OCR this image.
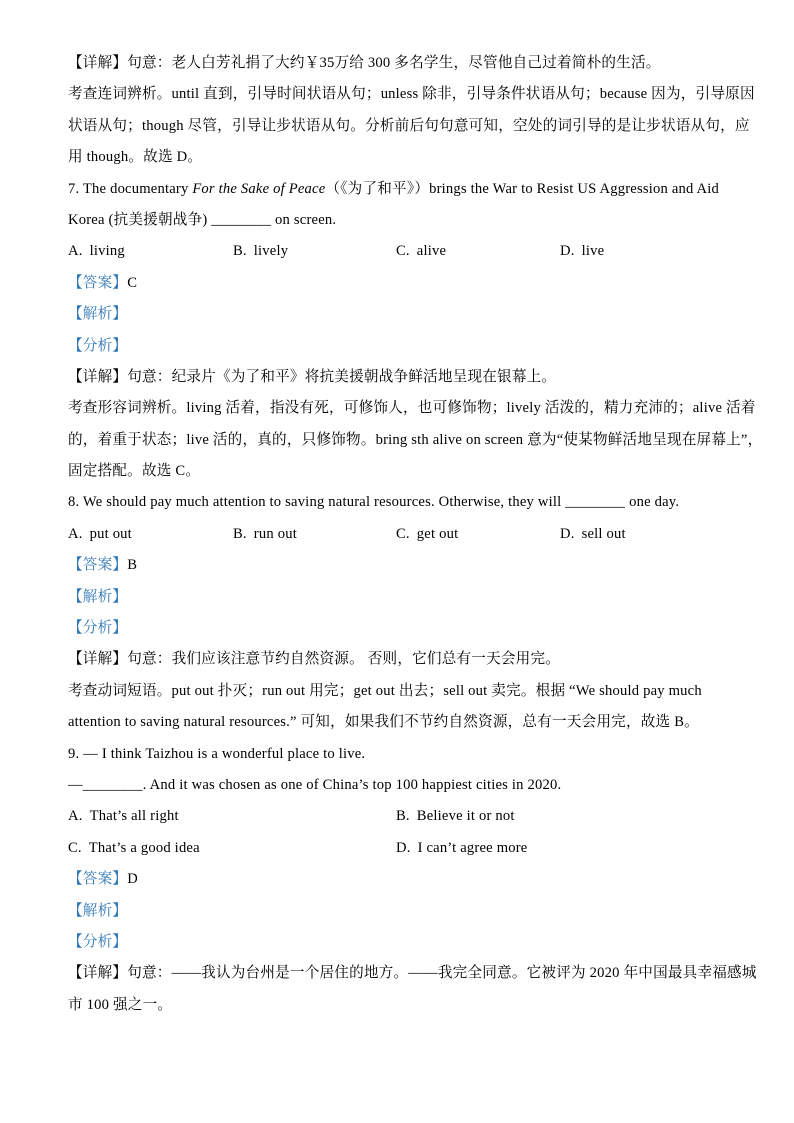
【详解】句意：老人白芳礼捐了大约￥35万给 300 多名学生，尽管他自己过着简朴的生活。
考查连词辨析。until 直到，引导时间状语从句；unless 除非，引导条件状语从句；because 因为，引导原因
状语从句；though 尽管，引导让步状语从句。分析前后句句意可知，空处的词引导的是让步状语从句，应
用 though。故选 D。
7. The documentary For the Sake of Peace（《为了和平》）brings the War to Resist US Aggression and Aid
Korea (抗美援朝战争) ________ on screen.
A. living	B. lively	C. alive	D. live
【答案】C
【解析】
【分析】
【详解】句意：纪录片《为了和平》将抗美援朝战争鲜活地呈现在银幕上。
考查形容词辨析。living 活着，指没有死，可修饰人，也可修饰物；lively 活泼的，精力充沛的；alive 活着
的，着重于状态；live 活的，真的，只修饰物。bring sth alive on screen 意为“使某物鲜活地呈现在屏幕上”，
固定搭配。故选 C。
8. We should pay much attention to saving natural resources. Otherwise, they will ________ one day.
A. put out	B. run out	C. get out	D. sell out
【答案】B
【解析】
【分析】
【详解】句意：我们应该注意节约自然资源。 否则，它们总有一天会用完。
考查动词短语。put out 扑灭；run out 用完；get out 出去；sell out 卖完。根据 “We should pay much
attention to saving natural resources.” 可知，如果我们不节约自然资源，总有一天会用完，故选 B。
9. — I think Taizhou is a wonderful place to live.
—________. And it was chosen as one of China’s top 100 happiest cities in 2020.
A. That’s all right	B. Believe it or not
C. That’s a good idea	D. I can’t agree more
【答案】D
【解析】
【分析】
【详解】句意：——我认为台州是一个居住的地方。——我完全同意。它被评为 2020 年中国最具幸福感城
市 100 强之一。
